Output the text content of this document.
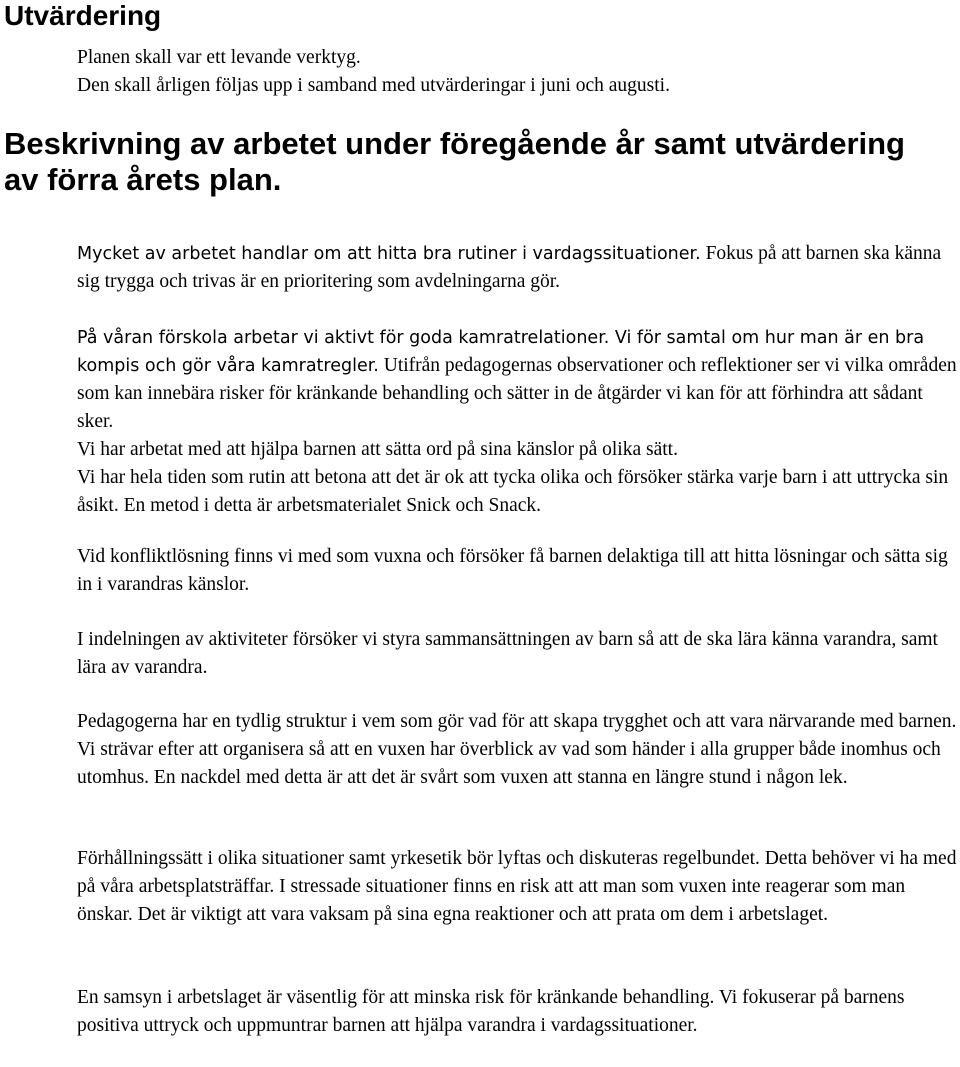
Utvärdering

Planen skall var ett levande verktyg.

Den skall årligen följas upp i samband med utvärderingar i juni och augusti.

Beskrivning av arbetet under föregående år samt utvärdering av förra årets plan.

Mycket av arbetet handlar om att hitta bra rutiner i vardagssituationer. Fokus på att barnen ska känna sig trygga och trivas är en prioritering som avdelningarna gör.

På våran förskola arbetar vi aktivt för goda kamratrelationer. Vi för samtal om hur man är en bra kompis och gör våra kamratregler. Utifrån pedagogernas observationer och reflektioner ser vi vilka områden som kan innebära risker för kränkande behandling och sätter in de åtgärder vi kan för att förhindra att sådant sker.

Vi har arbetat med att hjälpa barnen att sätta ord på sina känslor på olika sätt.

Vi har hela tiden som rutin att betona att det är ok att tycka olika och försöker stärka varje barn i att uttrycka sin åsikt. En metod i detta är arbetsmaterialet Snick och Snack.

Vid konfliktlösning finns vi med som vuxna och försöker få barnen delaktiga till att hitta lösningar och sätta sig in i varandras känslor.

I indelningen av aktiviteter försöker vi styra sammansättningen av barn så att de ska lära känna varandra, samt lära av varandra.

Pedagogerna har en tydlig struktur i vem som gör vad för att skapa trygghet och att vara närvarande med barnen. Vi strävar efter att organisera så att en vuxen har överblick av vad som händer i alla grupper både inomhus och utomhus. En nackdel med detta är att det är svårt som vuxen att stanna en längre stund i någon lek.

Förhållningssätt i olika situationer samt yrkesetik bör lyftas och diskuteras regelbundet. Detta behöver vi ha med på våra arbetsplatsträffar. I stressade situationer finns en risk att att man som vuxen inte reagerar som man önskar. Det är viktigt att vara vaksam på sina egna reaktioner och att prata om dem i arbetslaget.

En samsyn i arbetslaget är väsentlig för att minska risk för kränkande behandling. Vi fokuserar på barnens positiva uttryck och uppmuntrar barnen att hjälpa varandra i vardagssituationer.
